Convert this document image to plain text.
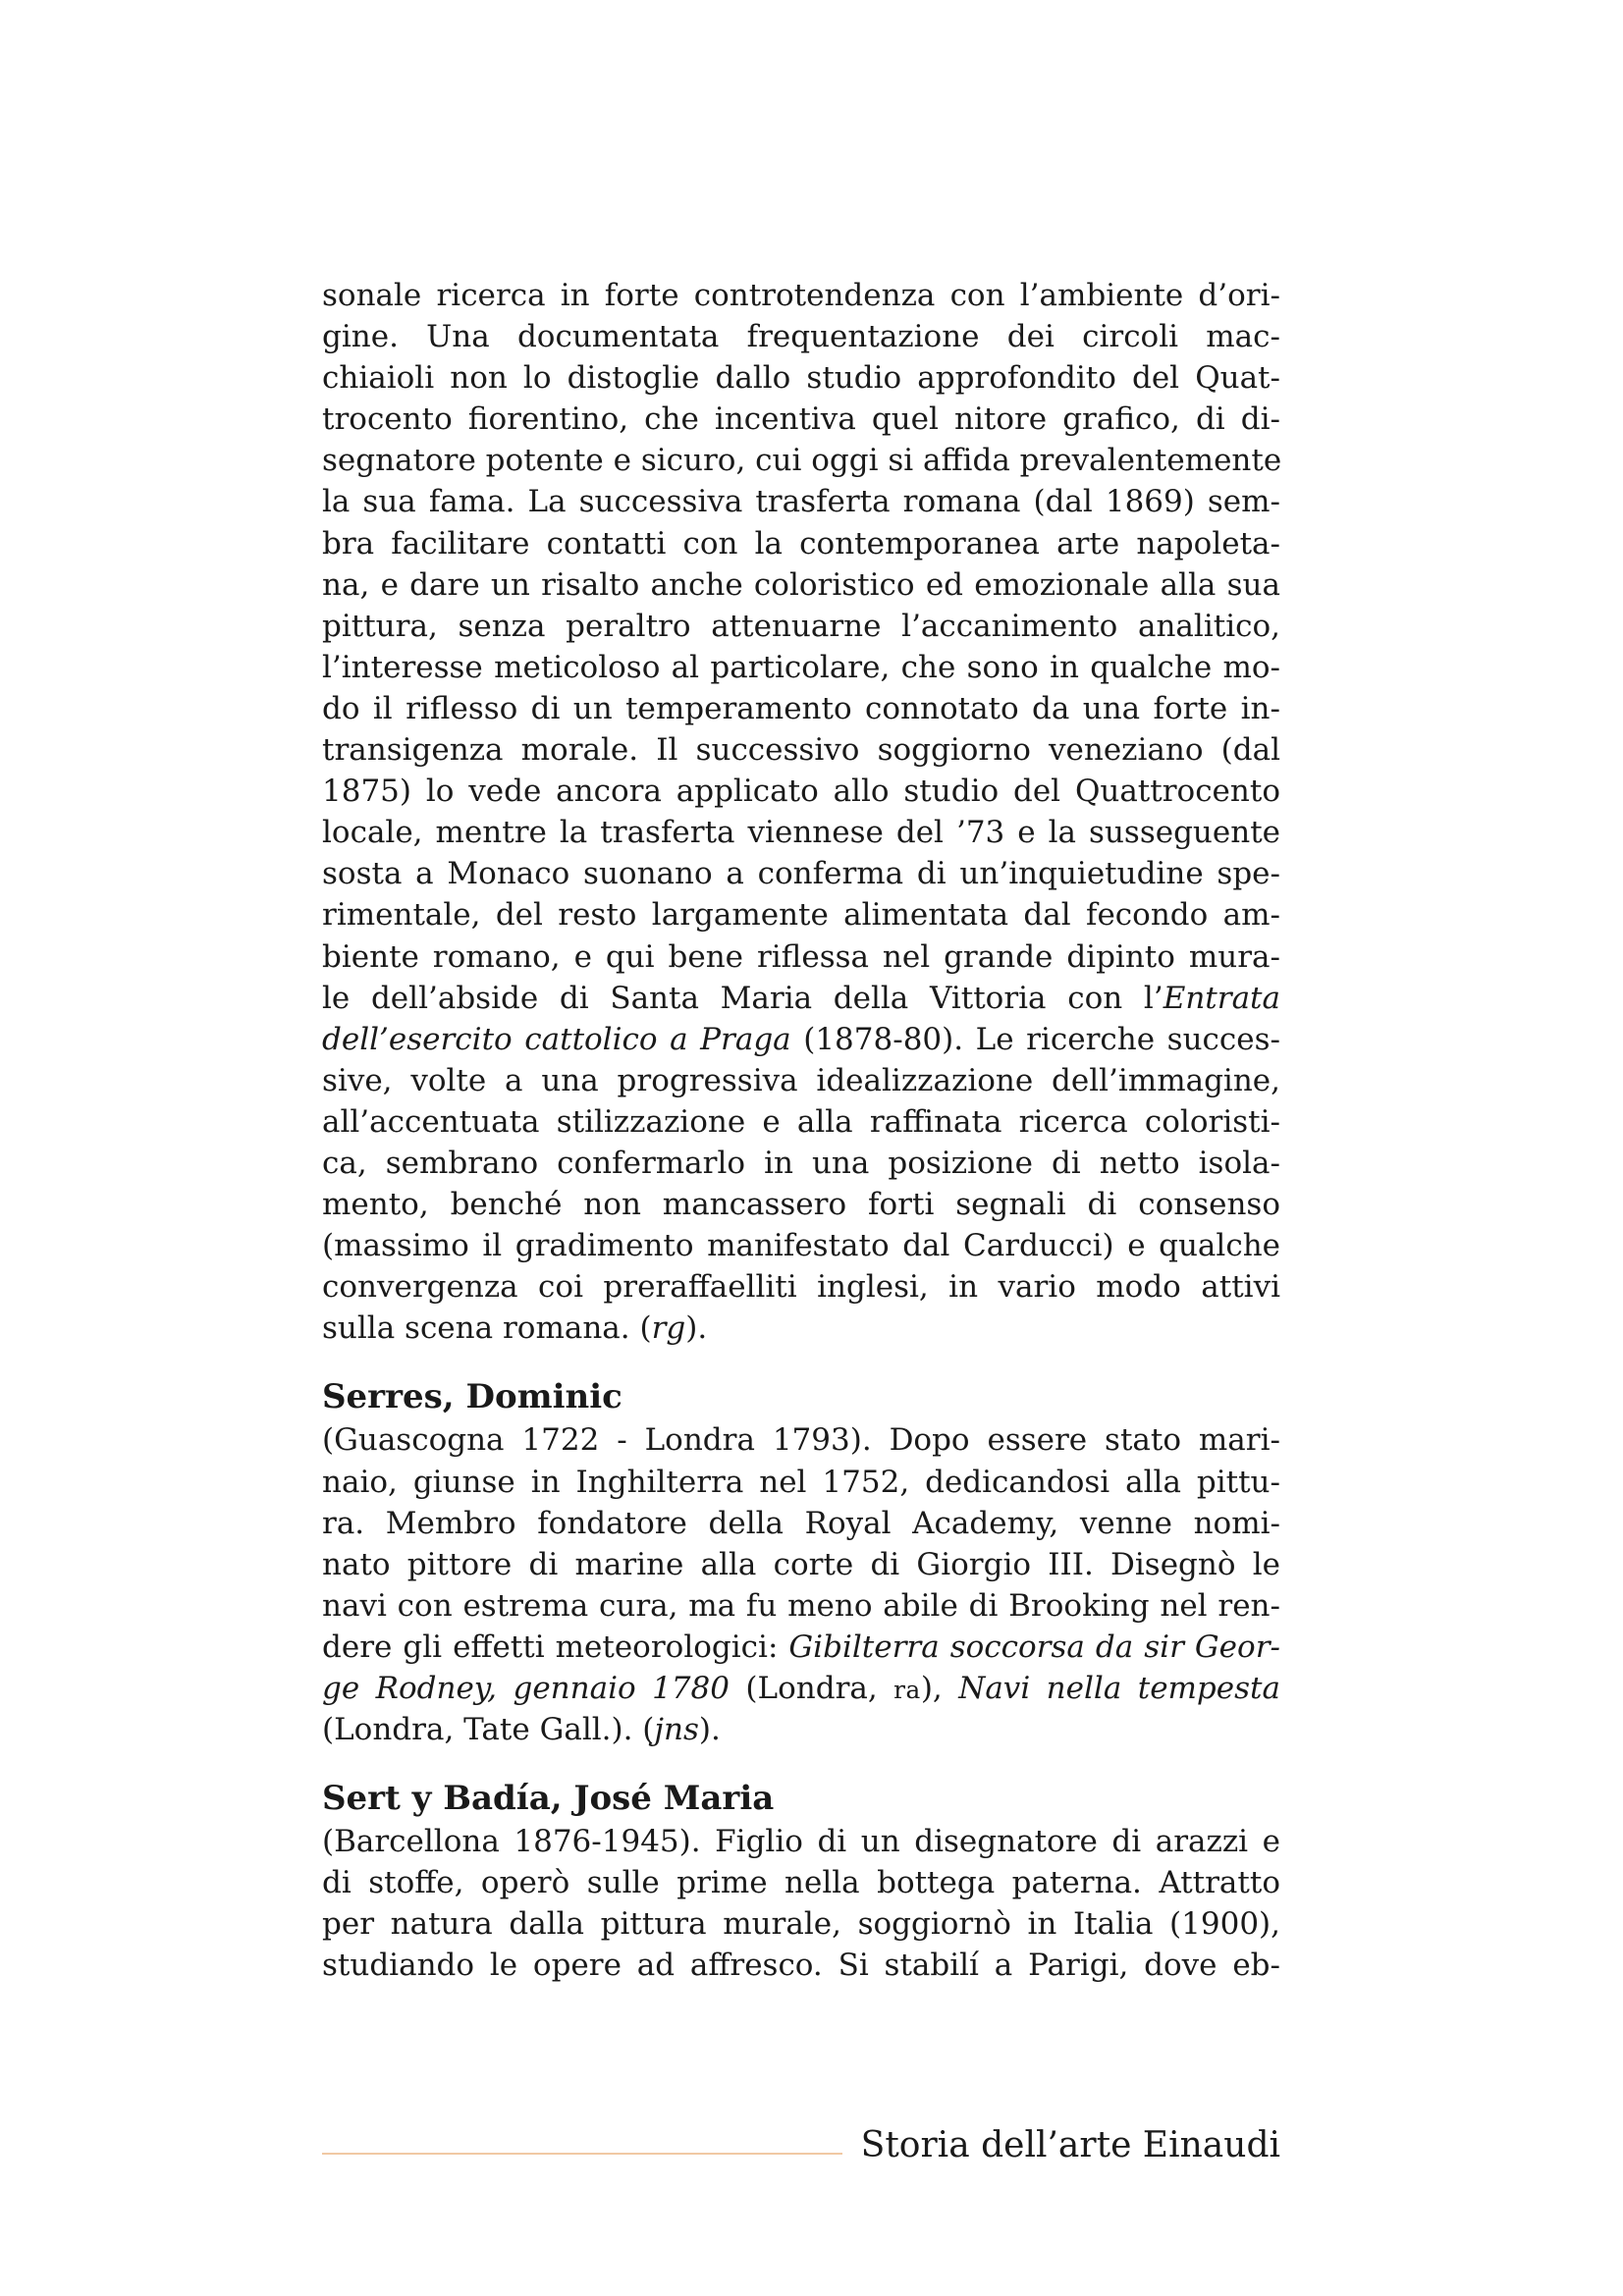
sonale ricerca in forte controtendenza con l’ambiente d’ori-
gine. Una documentata frequentazione dei circoli mac-
chiaioli non lo distoglie dallo studio approfondito del Quat-
trocento fiorentino, che incentiva quel nitore grafico, di di-
segnatore potente e sicuro, cui oggi si affida prevalentemente
la sua fama. La successiva trasferta romana (dal 1869) sem-
bra facilitare contatti con la contemporanea arte napoleta-
na, e dare un risalto anche coloristico ed emozionale alla sua
pittura, senza peraltro attenuarne l’accanimento analitico,
l’interesse meticoloso al particolare, che sono in qualche mo-
do il riflesso di un temperamento connotato da una forte in-
transigenza morale. Il successivo soggiorno veneziano (dal
1875) lo vede ancora applicato allo studio del Quattrocento
locale, mentre la trasferta viennese del ’73 e la susseguente
sosta a Monaco suonano a conferma di un’inquietudine spe-
rimentale, del resto largamente alimentata dal fecondo am-
biente romano, e qui bene riflessa nel grande dipinto mura-
le dell’abside di Santa Maria della Vittoria con l’Entrata
dell’esercito cattolico a Praga (1878-80). Le ricerche succes-
sive, volte a una progressiva idealizzazione dell’immagine,
all’accentuata stilizzazione e alla raffinata ricerca coloristi-
ca, sembrano confermarlo in una posizione di netto isola-
mento, benché non mancassero forti segnali di consenso
(massimo il gradimento manifestato dal Carducci) e qualche
convergenza coi preraffaelliti inglesi, in vario modo attivi
sulla scena romana. (rg).
Serres, Dominic
(Guascogna 1722 - Londra 1793). Dopo essere stato mari-
naio, giunse in Inghilterra nel 1752, dedicandosi alla pittu-
ra. Membro fondatore della Royal Academy, venne nomi-
nato pittore di marine alla corte di Giorgio III. Disegnò le
navi con estrema cura, ma fu meno abile di Brooking nel ren-
dere gli effetti meteorologici: Gibilterra soccorsa da sir Geor-
ge Rodney, gennaio 1780 (Londra, ra), Navi nella tempesta
(Londra, Tate Gall.). (jns).
Sert y Badía, José Maria
(Barcellona 1876-1945). Figlio di un disegnatore di arazzi e
di stoffe, operò sulle prime nella bottega paterna. Attratto
per natura dalla pittura murale, soggiornò in Italia (1900),
studiando le opere ad affresco. Si stabilí a Parigi, dove eb-
Storia dell’arte Einaudi
